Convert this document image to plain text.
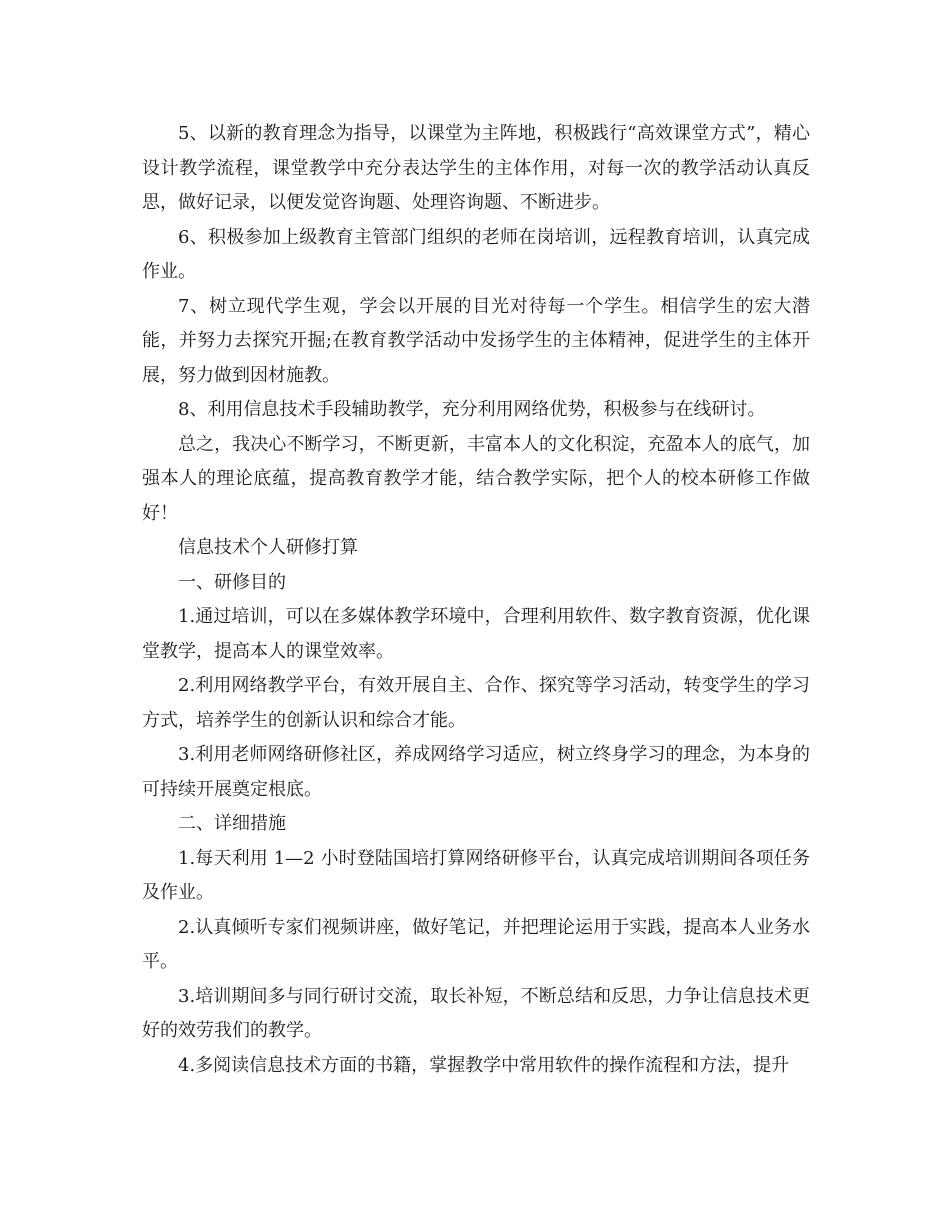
5、以新的教育理念为指导，以课堂为主阵地，积极践行“高效课堂方式”，精心设计教学流程，课堂教学中充分表达学生的主体作用，对每一次的教学活动认真反思，做好记录，以便发觉咨询题、处理咨询题、不断进步。

6、积极参加上级教育主管部门组织的老师在岗培训，远程教育培训，认真完成作业。

7、树立现代学生观，学会以开展的目光对待每一个学生。相信学生的宏大潜能，并努力去探究开掘;在教育教学活动中发扬学生的主体精神，促进学生的主体开展，努力做到因材施教。

8、利用信息技术手段辅助教学，充分利用网络优势，积极参与在线研讨。

总之，我决心不断学习，不断更新，丰富本人的文化积淀，充盈本人的底气，加强本人的理论底蕴，提高教育教学才能，结合教学实际，把个人的校本研修工作做好！

信息技术个人研修打算

一、研修目的

1.通过培训，可以在多媒体教学环境中，合理利用软件、数字教育资源，优化课堂教学，提高本人的课堂效率。

2.利用网络教学平台，有效开展自主、合作、探究等学习活动，转变学生的学习方式，培养学生的创新认识和综合才能。

3.利用老师网络研修社区，养成网络学习适应，树立终身学习的理念，为本身的可持续开展奠定根底。

二、详细措施

1.每天利用 1—2 小时登陆国培打算网络研修平台，认真完成培训期间各项任务及作业。

2.认真倾听专家们视频讲座，做好笔记，并把理论运用于实践，提高本人业务水平。

3.培训期间多与同行研讨交流，取长补短，不断总结和反思，力争让信息技术更好的效劳我们的教学。

4.多阅读信息技术方面的书籍，掌握教学中常用软件的操作流程和方法，提升
